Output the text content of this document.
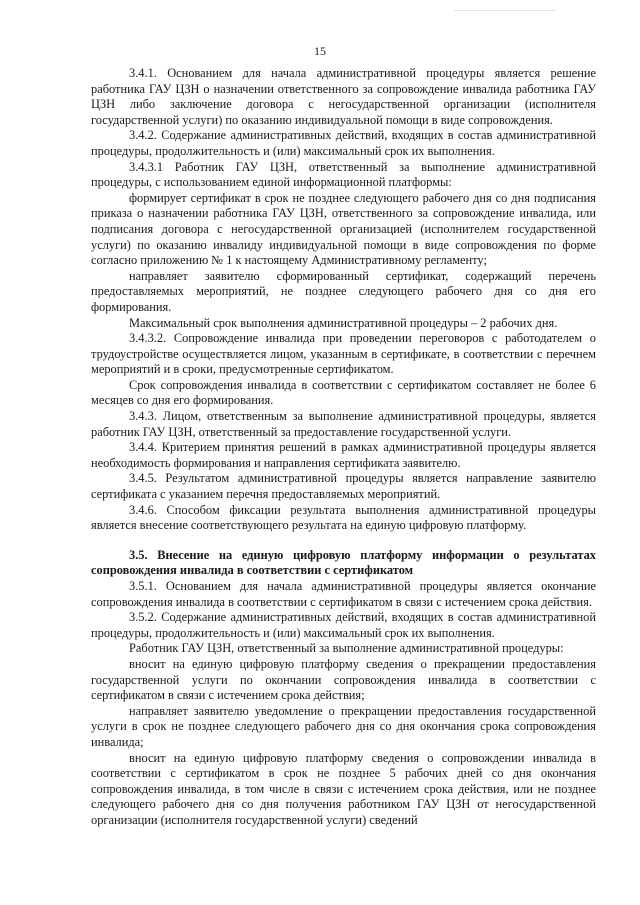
15

3.4.1. Основанием для начала административной процедуры является решение работника ГАУ ЦЗН о назначении ответственного за сопровождение инвалида работника ГАУ ЦЗН либо заключение договора с негосударственной организации (исполнителя государственной услуги) по оказанию индивидуальной помощи в виде сопровождения.

3.4.2. Содержание административных действий, входящих в состав административной процедуры, продолжительность и (или) максимальный срок их выполнения.

3.4.3.1 Работник ГАУ ЦЗН, ответственный за выполнение административной процедуры, с использованием единой информационной платформы:

формирует сертификат в срок не позднее следующего рабочего дня со дня подписания приказа о назначении работника ГАУ ЦЗН, ответственного за сопровождение инвалида, или подписания договора с негосударственной организацией (исполнителем государственной услуги) по оказанию инвалиду индивидуальной помощи в виде сопровождения по форме согласно приложению № 1 к настоящему Административному регламенту;

направляет заявителю сформированный сертификат, содержащий перечень предоставляемых мероприятий, не позднее следующего рабочего дня со дня его формирования.

Максимальный срок выполнения административной процедуры – 2 рабочих дня.

3.4.3.2. Сопровождение инвалида при проведении переговоров с работодателем о трудоустройстве осуществляется лицом, указанным в сертификате, в соответствии с перечнем мероприятий и в сроки, предусмотренные сертификатом.

Срок сопровождения инвалида в соответствии с сертификатом составляет не более 6 месяцев со дня его формирования.

3.4.3. Лицом, ответственным за выполнение административной процедуры, является работник ГАУ ЦЗН, ответственный за предоставление государственной услуги.

3.4.4. Критерием принятия решений в рамках административной процедуры является необходимость формирования и направления сертификата заявителю.

3.4.5. Результатом административной процедуры является направление заявителю сертификата с указанием перечня предоставляемых мероприятий.

3.4.6. Способом фиксации результата выполнения административной процедуры является внесение соответствующего результата на единую цифровую платформу.

3.5. Внесение на единую цифровую платформу информации о результатах сопровождения инвалида в соответствии с сертификатом

3.5.1. Основанием для начала административной процедуры является окончание сопровождения инвалида в соответствии с сертификатом в связи с истечением срока действия.

3.5.2. Содержание административных действий, входящих в состав административной процедуры, продолжительность и (или) максимальный срок их выполнения.

Работник ГАУ ЦЗН, ответственный за выполнение административной процедуры:

вносит на единую цифровую платформу сведения о прекращении предоставления государственной услуги по окончании сопровождения инвалида в соответствии с сертификатом в связи с истечением срока действия;

направляет заявителю уведомление о прекращении предоставления государственной услуги в срок не позднее следующего рабочего дня со дня окончания срока сопровождения инвалида;

вносит на единую цифровую платформу сведения о сопровождении инвалида в соответствии с сертификатом в срок не позднее 5 рабочих дней со дня окончания сопровождения инвалида, в том числе в связи с истечением срока действия, или не позднее следующего рабочего дня со дня получения работником ГАУ ЦЗН от негосударственной организации (исполнителя государственной услуги) сведений
